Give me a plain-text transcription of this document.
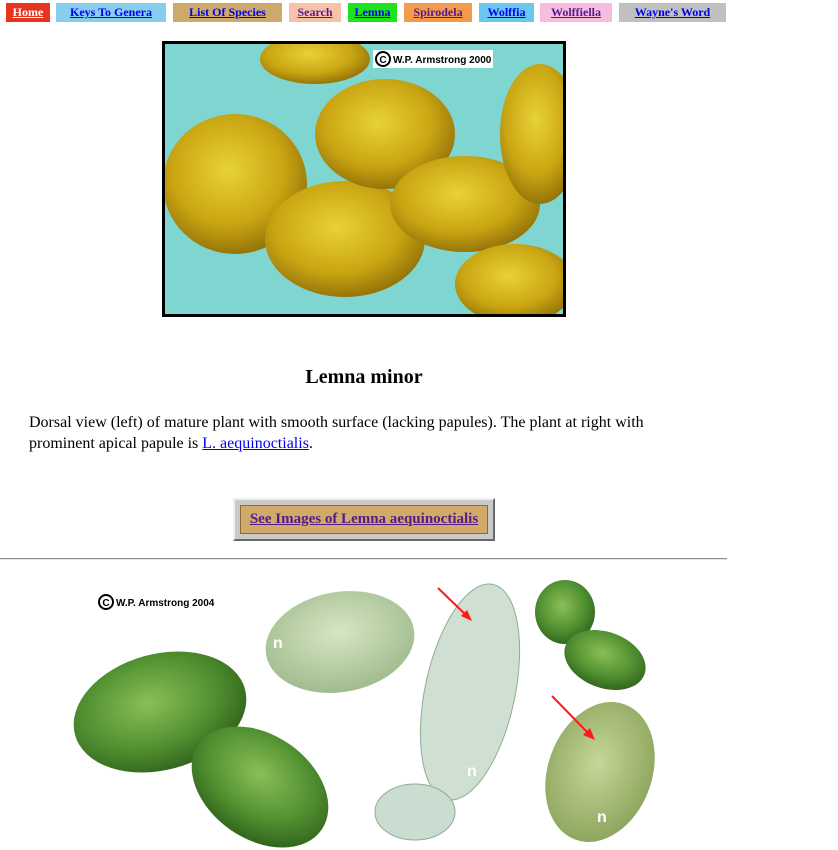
Home	Keys To Genera	List Of Species	Search	Lemna	Spirodela	Wolffia	Wolffiella	Wayne's Word
C W.P. Armstrong 2000
Lemna minor
Dorsal view (left) of mature plant with smooth surface (lacking papules). The plant at right with prominent apical papule is L. aequinoctialis.
See Images of Lemna aequinoctialis
C W.P. Armstrong 2004
n
n
n
